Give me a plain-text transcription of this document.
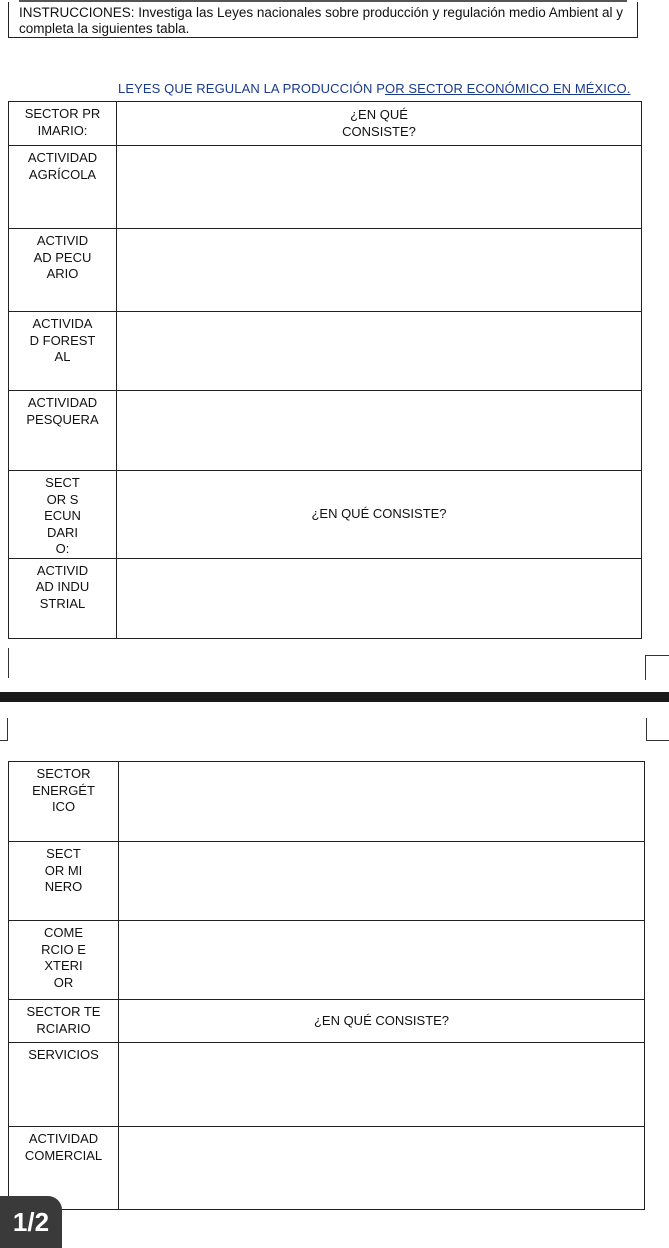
INSTRUCCIONES: Investiga las Leyes nacionales sobre producción y regulación medio Ambient al y completa la siguientes tabla.
LEYES QUE REGULAN LA PRODUCCIÓN POR SECTOR ECONÓMICO EN MÉXICO.
SECTOR PRIMARIO:	¿EN QUÉ CONSISTE?

ACTIVIDAD AGRÍCOLA	

ACTIVIDAD PECUARIO	

ACTIVIDAD FORESTAL	

ACTIVIDAD PESQUERA	

SECTOR SECUNDARIO:	¿EN QUÉ CONSISTE?

ACTIVIDAD INDUSTRIAL	

SECTOR ENERGÉTICO	

SECTOR MINERO	

COMERCIO EXTERIOR	

SECTOR TERCIARIO	¿EN QUÉ CONSISTE?

SERVICIOS	

ACTIVIDAD COMERCIAL	

1/2
